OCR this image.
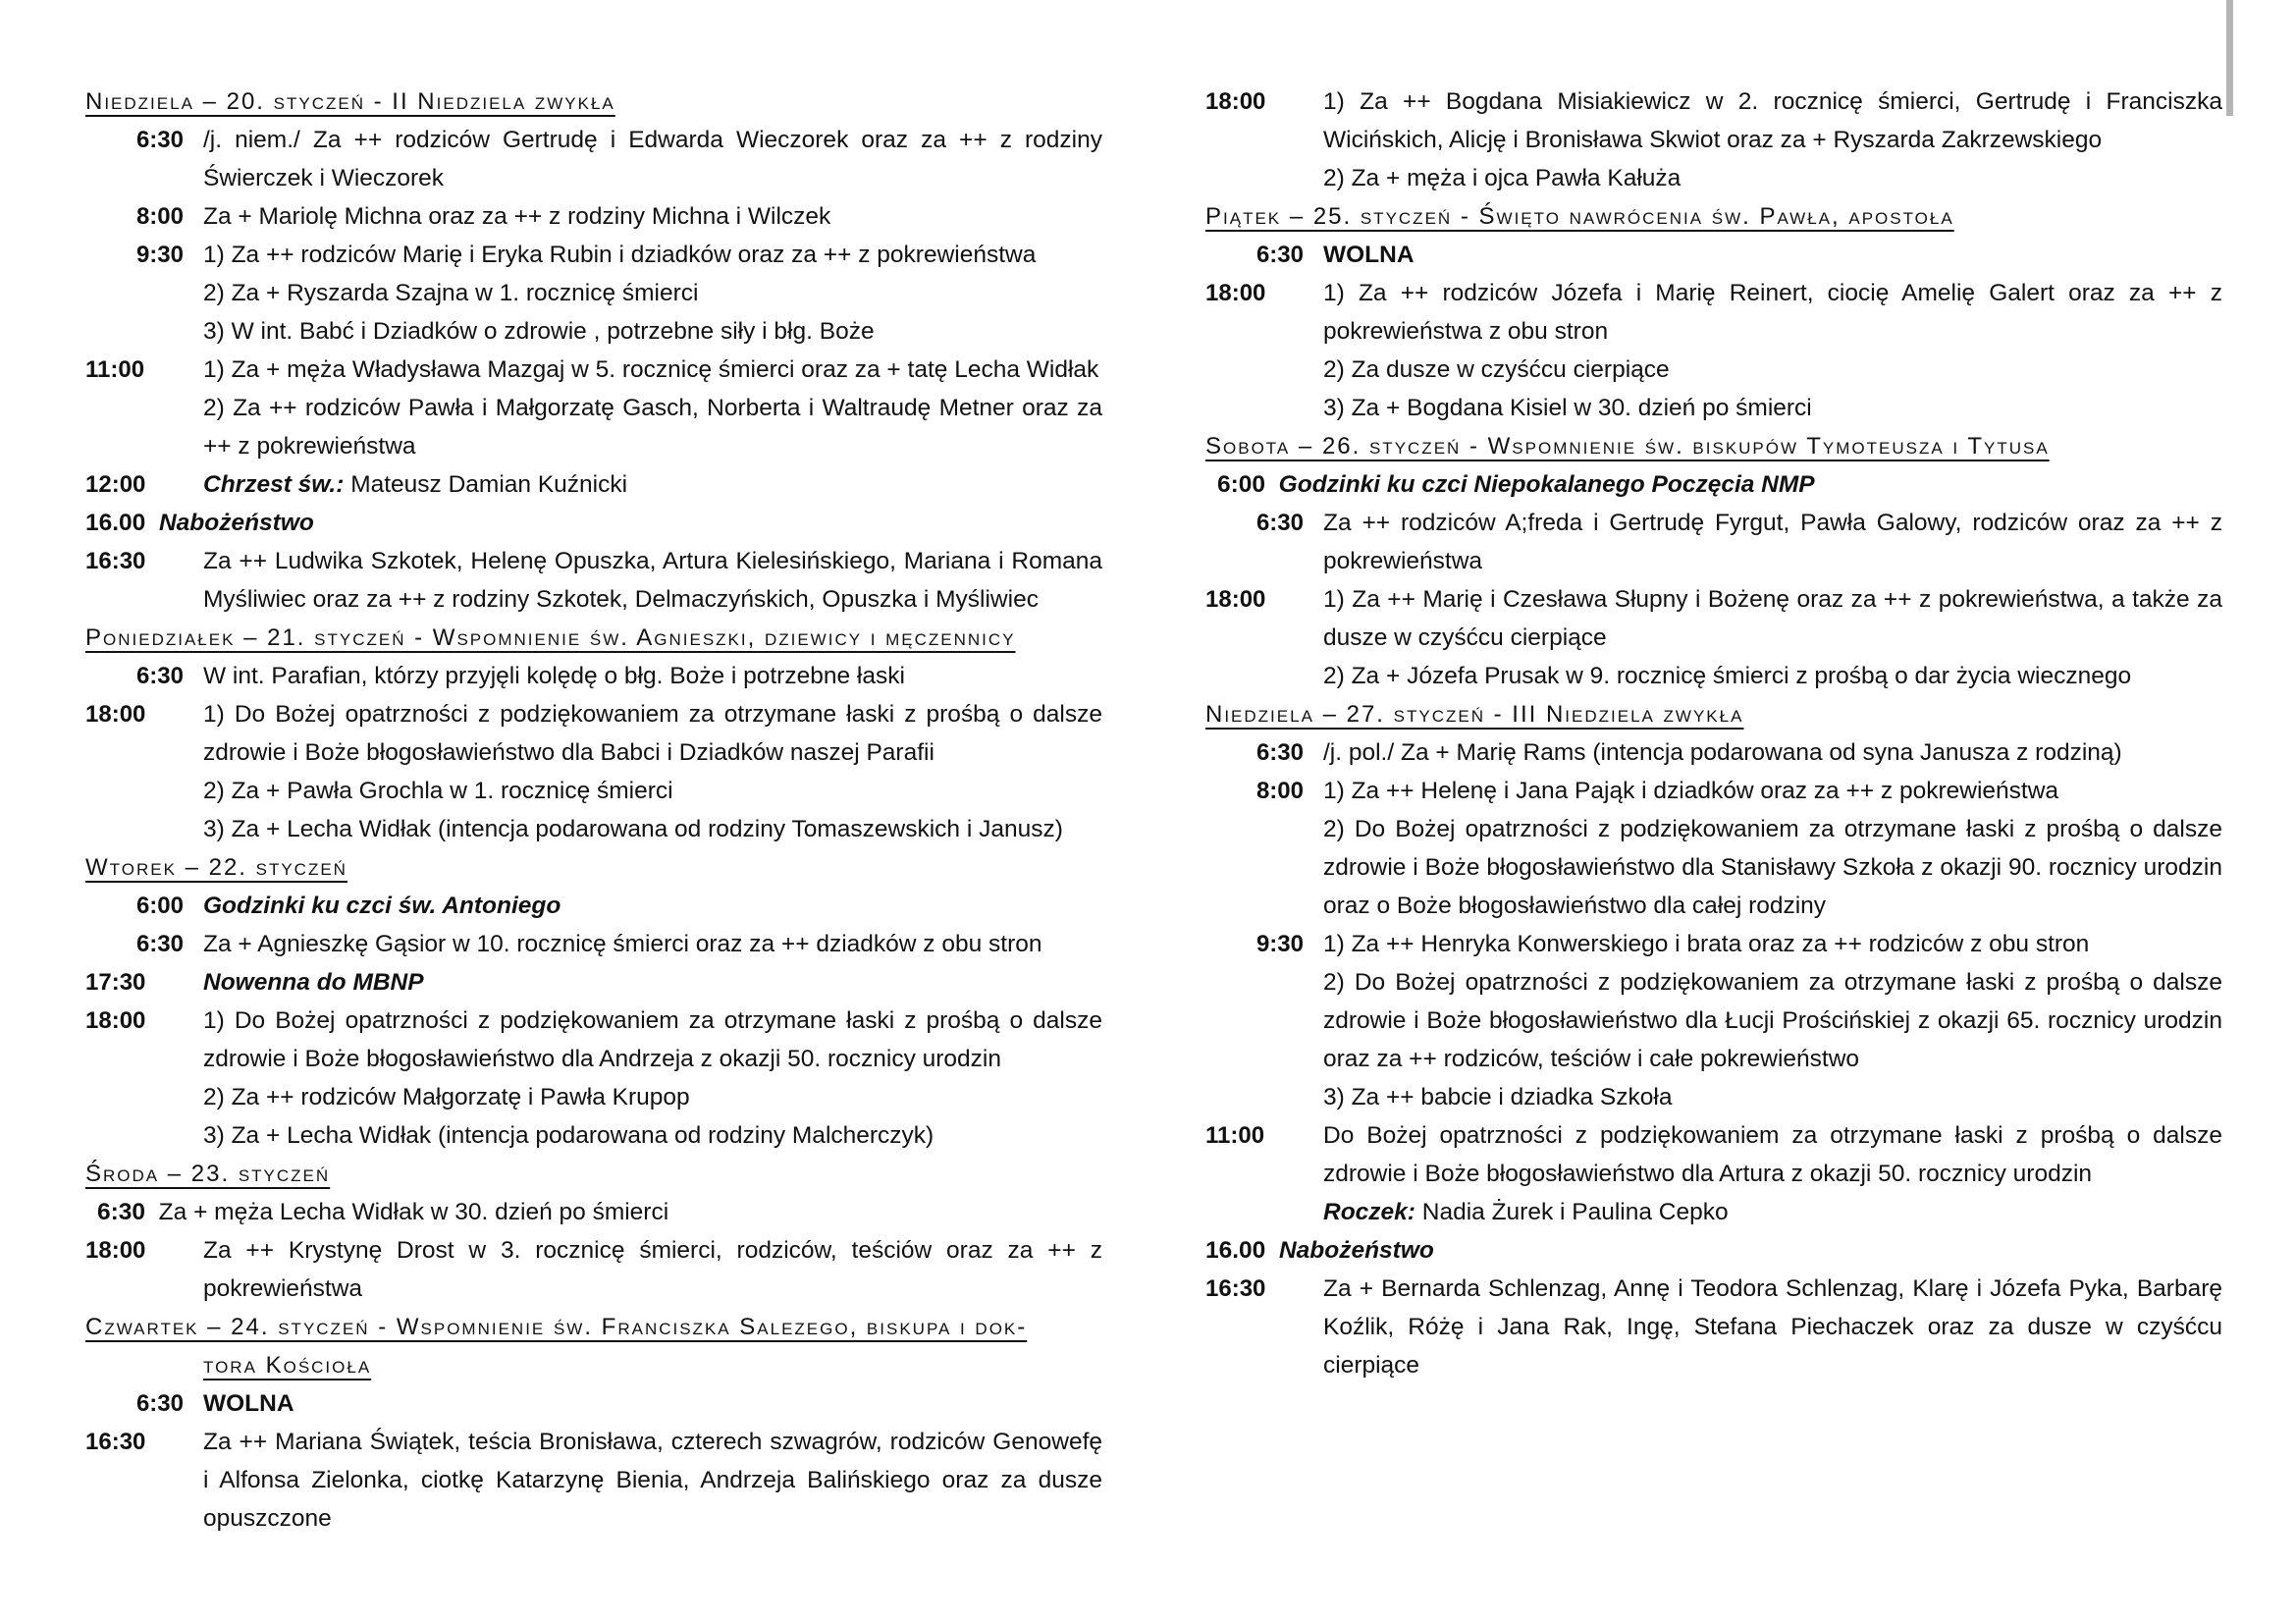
Niedziela – 20. styczeń - II Niedziela zwykła
6:30 /j. niem./ Za ++ rodziców Gertrudę i Edwarda Wieczorek oraz za ++ z rodziny Świerczek i Wieczorek
8:00 Za + Mariolę Michna oraz za ++ z rodziny Michna i Wilczek
9:30 1) Za ++ rodziców Marię i Eryka Rubin i dziadków oraz za ++ z pokrewieństwa
2) Za + Ryszarda Szajna w 1. rocznicę śmierci
3) W int. Babć i Dziadków o zdrowie , potrzebne siły i błg. Boże
11:00	1) Za + męża Władysława Mazgaj w 5. rocznicę śmierci oraz za + tatę Lecha Widłak
2) Za ++ rodziców Pawła i Małgorzatę Gasch, Norberta i Waltraudę Metner oraz za ++ z pokrewieństwa
12:00	Chrzest św.: Mateusz Damian Kuźnicki
16.00 Nabożeństwo
16:30	Za ++ Ludwika Szkotek, Helenę Opuszka, Artura Kielesińskiego, Mariana i Romana Myśliwiec oraz za ++ z rodziny Szkotek, Delmaczyńskich, Opuszka i Myśliwiec
Poniedziałek – 21. styczeń - Wspomnienie św. Agnieszki, dziewicy i męczennicy
6:30 W int. Parafian, którzy przyjęli kolędę o błg. Boże i potrzebne łaski
18:00	1) Do Bożej opatrzności z podziękowaniem za otrzymane łaski z prośbą o dalsze zdrowie i Boże błogosławieństwo dla Babci i Dziadków naszej Parafii
2) Za + Pawła Grochla w 1. rocznicę śmierci
3) Za + Lecha Widłak (intencja podarowana od rodziny Tomaszewskich i Janusz)
Wtorek – 22. styczeń
6:00 Godzinki ku czci św. Antoniego
6:30 Za + Agnieszkę Gąsior w 10. rocznicę śmierci oraz za ++ dziadków z obu stron
17:30	Nowenna do MBNP
18:00	1) Do Bożej opatrzności z podziękowaniem za otrzymane łaski z prośbą o dalsze zdrowie i Boże błogosławieństwo dla Andrzeja z okazji 50. rocznicy urodzin
2) Za ++ rodziców Małgorzatę i Pawła Krupop
3) Za + Lecha Widłak (intencja podarowana od rodziny Malcherczyk)
Środa – 23. styczeń
6:30 Za + męża Lecha Widłak w 30. dzień po śmierci
18:00	Za ++ Krystynę Drost w 3. rocznicę śmierci, rodziców, teściów oraz za ++ z pokrewieństwa
Czwartek – 24. styczeń - Wspomnienie św. Franciszka Salezego, biskupa i dok-
tora Kościoła
6:30 WOLNA
16:30	Za ++ Mariana Świątek, teścia Bronisława, czterech szwagrów, rodziców Genowefę i Alfonsa Zielonka, ciotkę Katarzynę Bienia, Andrzeja Balińskiego oraz za dusze opuszczone
18:00	1) Za ++ Bogdana Misiakiewicz w 2. rocznicę śmierci, Gertrudę i Franciszka Wicińskich, Alicję i Bronisława Skwiot oraz za + Ryszarda Zakrzewskiego
2) Za + męża i ojca Pawła Kałuża
Piątek – 25. styczeń - Święto nawrócenia św. Pawła, apostoła
6:30 WOLNA
18:00	1) Za ++ rodziców Józefa i Marię Reinert, ciocię Amelię Galert oraz za ++ z pokrewieństwa z obu stron
2) Za dusze w czyśćcu cierpiące
3) Za + Bogdana Kisiel w 30. dzień po śmierci
Sobota – 26. styczeń - Wspomnienie św. biskupów Tymoteusza i Tytusa
6:00 Godzinki ku czci Niepokalanego Poczęcia NMP
6:30 Za ++ rodziców A;freda i Gertrudę Fyrgut, Pawła Galowy, rodziców oraz za ++ z pokrewieństwa
18:00	1) Za ++ Marię i Czesława Słupny i Bożenę oraz za ++ z pokrewieństwa, a także za dusze w czyśćcu cierpiące
2) Za + Józefa Prusak w 9. rocznicę śmierci z prośbą o dar życia wiecznego
Niedziela – 27. styczeń - III Niedziela zwykła
6:30 /j. pol./ Za + Marię Rams (intencja podarowana od syna Janusza z rodziną)
8:00 1) Za ++ Helenę i Jana Pająk i dziadków oraz za ++ z pokrewieństwa
2) Do Bożej opatrzności z podziękowaniem za otrzymane łaski z prośbą o dalsze zdrowie i Boże błogosławieństwo dla Stanisławy Szkoła z okazji 90. rocznicy urodzin oraz o Boże błogosławieństwo dla całej rodziny
9:30 1) Za ++ Henryka Konwerskiego i brata oraz za ++ rodziców z obu stron
2) Do Bożej opatrzności z podziękowaniem za otrzymane łaski z prośbą o dalsze zdrowie i Boże błogosławieństwo dla Łucji Prościńskiej z okazji 65. rocznicy urodzin oraz za ++ rodziców, teściów i całe pokrewieństwo
3) Za ++ babcie i dziadka Szkoła
11:00	Do Bożej opatrzności z podziękowaniem za otrzymane łaski z prośbą o dalsze zdrowie i Boże błogosławieństwo dla Artura z okazji 50. rocznicy urodzin
Roczek: Nadia Żurek i Paulina Cepko
16.00 Nabożeństwo
16:30	Za + Bernarda Schlenzag, Annę i Teodora Schlenzag, Klarę i Józefa Pyka, Barbarę Koźlik, Różę i Jana Rak, Ingę, Stefana Piechaczek oraz za dusze w czyśćcu cierpiące
